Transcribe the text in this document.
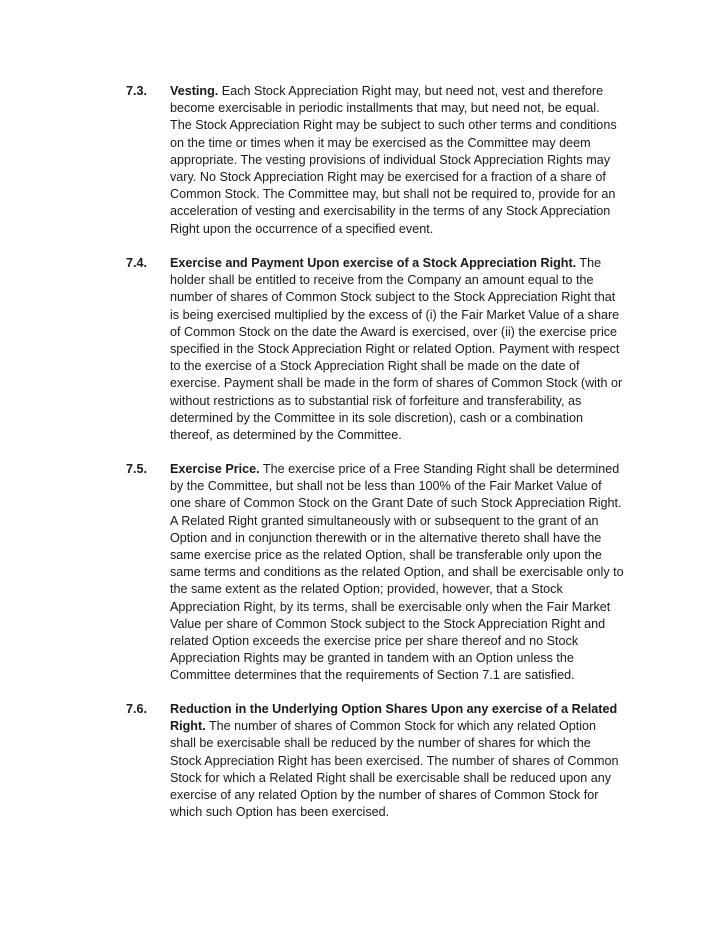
7.3. Vesting. Each Stock Appreciation Right may, but need not, vest and therefore
become exercisable in periodic installments that may, but need not, be equal.
The Stock Appreciation Right may be subject to such other terms and conditions
on the time or times when it may be exercised as the Committee may deem
appropriate. The vesting provisions of individual Stock Appreciation Rights may
vary. No Stock Appreciation Right may be exercised for a fraction of a share of
Common Stock. The Committee may, but shall not be required to, provide for an
acceleration of vesting and exercisability in the terms of any Stock Appreciation
Right upon the occurrence of a specified event.
7.4. Exercise and Payment Upon exercise of a Stock Appreciation Right. The
holder shall be entitled to receive from the Company an amount equal to the
number of shares of Common Stock subject to the Stock Appreciation Right that
is being exercised multiplied by the excess of (i) the Fair Market Value of a share
of Common Stock on the date the Award is exercised, over (ii) the exercise price
specified in the Stock Appreciation Right or related Option. Payment with respect
to the exercise of a Stock Appreciation Right shall be made on the date of
exercise. Payment shall be made in the form of shares of Common Stock (with or
without restrictions as to substantial risk of forfeiture and transferability, as
determined by the Committee in its sole discretion), cash or a combination
thereof, as determined by the Committee.
7.5. Exercise Price. The exercise price of a Free Standing Right shall be determined
by the Committee, but shall not be less than 100% of the Fair Market Value of
one share of Common Stock on the Grant Date of such Stock Appreciation Right.
A Related Right granted simultaneously with or subsequent to the grant of an
Option and in conjunction therewith or in the alternative thereto shall have the
same exercise price as the related Option, shall be transferable only upon the
same terms and conditions as the related Option, and shall be exercisable only to
the same extent as the related Option; provided, however, that a Stock
Appreciation Right, by its terms, shall be exercisable only when the Fair Market
Value per share of Common Stock subject to the Stock Appreciation Right and
related Option exceeds the exercise price per share thereof and no Stock
Appreciation Rights may be granted in tandem with an Option unless the
Committee determines that the requirements of Section 7.1 are satisfied.
7.6. Reduction in the Underlying Option Shares Upon any exercise of a Related
Right. The number of shares of Common Stock for which any related Option
shall be exercisable shall be reduced by the number of shares for which the
Stock Appreciation Right has been exercised. The number of shares of Common
Stock for which a Related Right shall be exercisable shall be reduced upon any
exercise of any related Option by the number of shares of Common Stock for
which such Option has been exercised.
